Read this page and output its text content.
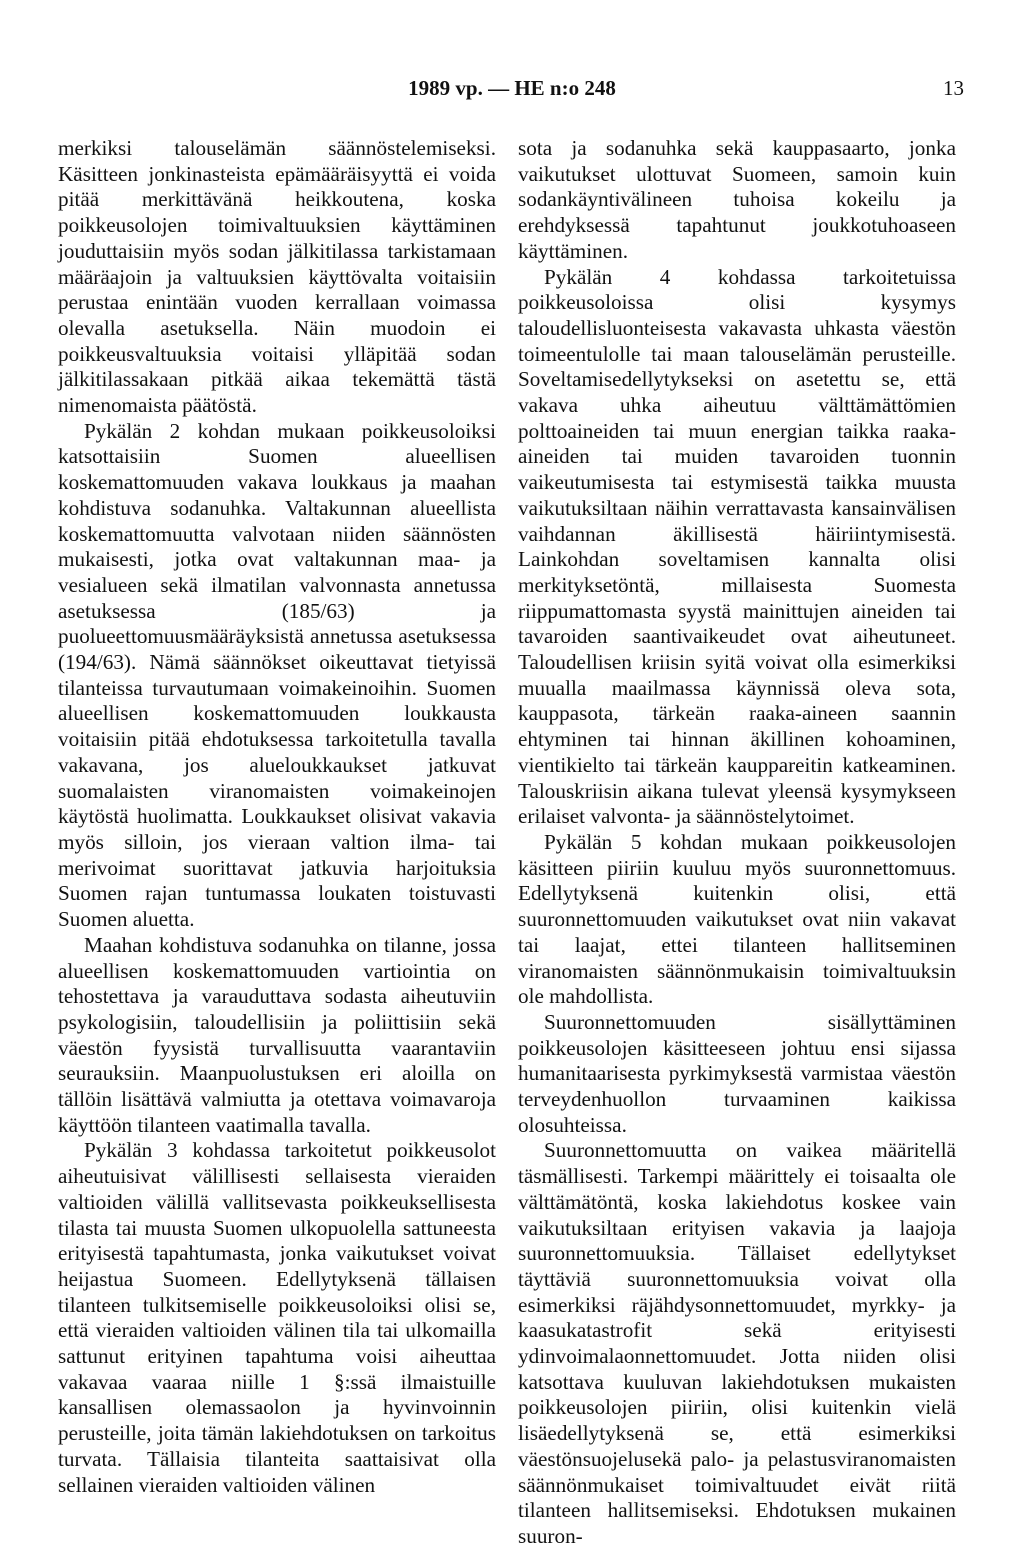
1989 vp. — HE n:o 248	13

merkiksi talouselämän säännöstelemiseksi. Käsitteen jonkinasteista epämääräisyyttä ei voida pitää merkittävänä heikkoutena, koska poikkeusolojen toimivaltuuksien käyttäminen jouduttaisiin myös sodan jälkitilassa tarkistamaan määräajoin ja valtuuksien käyttövalta voitaisiin perustaa enintään vuoden kerrallaan voimassa olevalla asetuksella. Näin muodoin ei poikkeusvaltuuksia voitaisi ylläpitää sodan jälkitilassakaan pitkää aikaa tekemättä tästä nimenomaista päätöstä.

Pykälän 2 kohdan mukaan poikkeusoloiksi katsottaisiin Suomen alueellisen koskemattomuuden vakava loukkaus ja maahan kohdistuva sodanuhka. Valtakunnan alueellista koskemattomuutta valvotaan niiden säännösten mukaisesti, jotka ovat valtakunnan maa- ja vesialueen sekä ilmatilan valvonnasta annetussa asetuksessa (185/63) ja puolueettomuusmääräyksistä annetussa asetuksessa (194/63). Nämä säännökset oikeuttavat tietyissä tilanteissa turvautumaan voimakeinoihin. Suomen alueellisen koskemattomuuden loukkausta voitaisiin pitää ehdotuksessa tarkoitetulla tavalla vakavana, jos alueloukkaukset jatkuvat suomalaisten viranomaisten voimakeinojen käytöstä huolimatta. Loukkaukset olisivat vakavia myös silloin, jos vieraan valtion ilma- tai merivoimat suorittavat jatkuvia harjoituksia Suomen rajan tuntumassa loukaten toistuvasti Suomen aluetta.

Maahan kohdistuva sodanuhka on tilanne, jossa alueellisen koskemattomuuden vartiointia on tehostettava ja varauduttava sodasta aiheutuviin psykologisiin, taloudellisiin ja poliittisiin sekä väestön fyysistä turvallisuutta vaarantaviin seurauksiin. Maanpuolustuksen eri aloilla on tällöin lisättävä valmiutta ja otettava voimavaroja käyttöön tilanteen vaatimalla tavalla.

Pykälän 3 kohdassa tarkoitetut poikkeusolot aiheutuisivat välillisesti sellaisesta vieraiden valtioiden välillä vallitsevasta poikkeuksellisesta tilasta tai muusta Suomen ulkopuolella sattuneesta erityisestä tapahtumasta, jonka vaikutukset voivat heijastua Suomeen. Edellytyksenä tällaisen tilanteen tulkitsemiselle poikkeusoloiksi olisi se, että vieraiden valtioiden välinen tila tai ulkomailla sattunut erityinen tapahtuma voisi aiheuttaa vakavaa vaaraa niille 1 §:ssä ilmaistuille kansallisen olemassaolon ja hyvinvoinnin perusteille, joita tämän lakiehdotuksen on tarkoitus turvata. Tällaisia tilanteita saattaisivat olla sellainen vieraiden valtioiden välinen

sota ja sodanuhka sekä kauppasaarto, jonka vaikutukset ulottuvat Suomeen, samoin kuin sodankäyntivälineen tuhoisa kokeilu ja erehdyksessä tapahtunut joukkotuhoaseen käyttäminen.

Pykälän 4 kohdassa tarkoitetuissa poikkeusoloissa olisi kysymys taloudellisluonteisesta vakavasta uhkasta väestön toimeentulolle tai maan talouselämän perusteille. Soveltamisedellytykseksi on asetettu se, että vakava uhka aiheutuu välttämättömien polttoaineiden tai muun energian taikka raaka-aineiden tai muiden tavaroiden tuonnin vaikeutumisesta tai estymisestä taikka muusta vaikutuksiltaan näihin verrattavasta kansainvälisen vaihdannan äkillisestä häiriintymisestä. Lainkohdan soveltamisen kannalta olisi merkityksetöntä, millaisesta Suomesta riippumattomasta syystä mainittujen aineiden tai tavaroiden saantivaikeudet ovat aiheutuneet. Taloudellisen kriisin syitä voivat olla esimerkiksi muualla maailmassa käynnissä oleva sota, kauppasota, tärkeän raaka-aineen saannin ehtyminen tai hinnan äkillinen kohoaminen, vientikielto tai tärkeän kauppareitin katkeaminen. Talouskriisin aikana tulevat yleensä kysymykseen erilaiset valvonta- ja säännöstelytoimet.

Pykälän 5 kohdan mukaan poikkeusolojen käsitteen piiriin kuuluu myös suuronnettomuus. Edellytyksenä kuitenkin olisi, että suuronnettomuuden vaikutukset ovat niin vakavat tai laajat, ettei tilanteen hallitseminen viranomaisten säännönmukaisin toimivaltuuksin ole mahdollista.

Suuronnettomuuden sisällyttäminen poikkeusolojen käsitteeseen johtuu ensi sijassa humanitaarisesta pyrkimyksestä varmistaa väestön terveydenhuollon turvaaminen kaikissa olosuhteissa.

Suuronnettomuutta on vaikea määritellä täsmällisesti. Tarkempi määrittely ei toisaalta ole välttämätöntä, koska lakiehdotus koskee vain vaikutuksiltaan erityisen vakavia ja laajoja suuronnettomuuksia. Tällaiset edellytykset täyttäviä suuronnettomuuksia voivat olla esimerkiksi räjähdysonnettomuudet, myrkky- ja kaasukatastrofit sekä erityisesti ydinvoimalaonnettomuudet. Jotta niiden olisi katsottava kuuluvan lakiehdotuksen mukaisten poikkeusolojen piiriin, olisi kuitenkin vielä lisäedellytyksenä se, että esimerkiksi väestönsuojelusekä palo- ja pelastusviranomaisten säännönmukaiset toimivaltuudet eivät riitä tilanteen hallitsemiseksi. Ehdotuksen mukainen suuron-
